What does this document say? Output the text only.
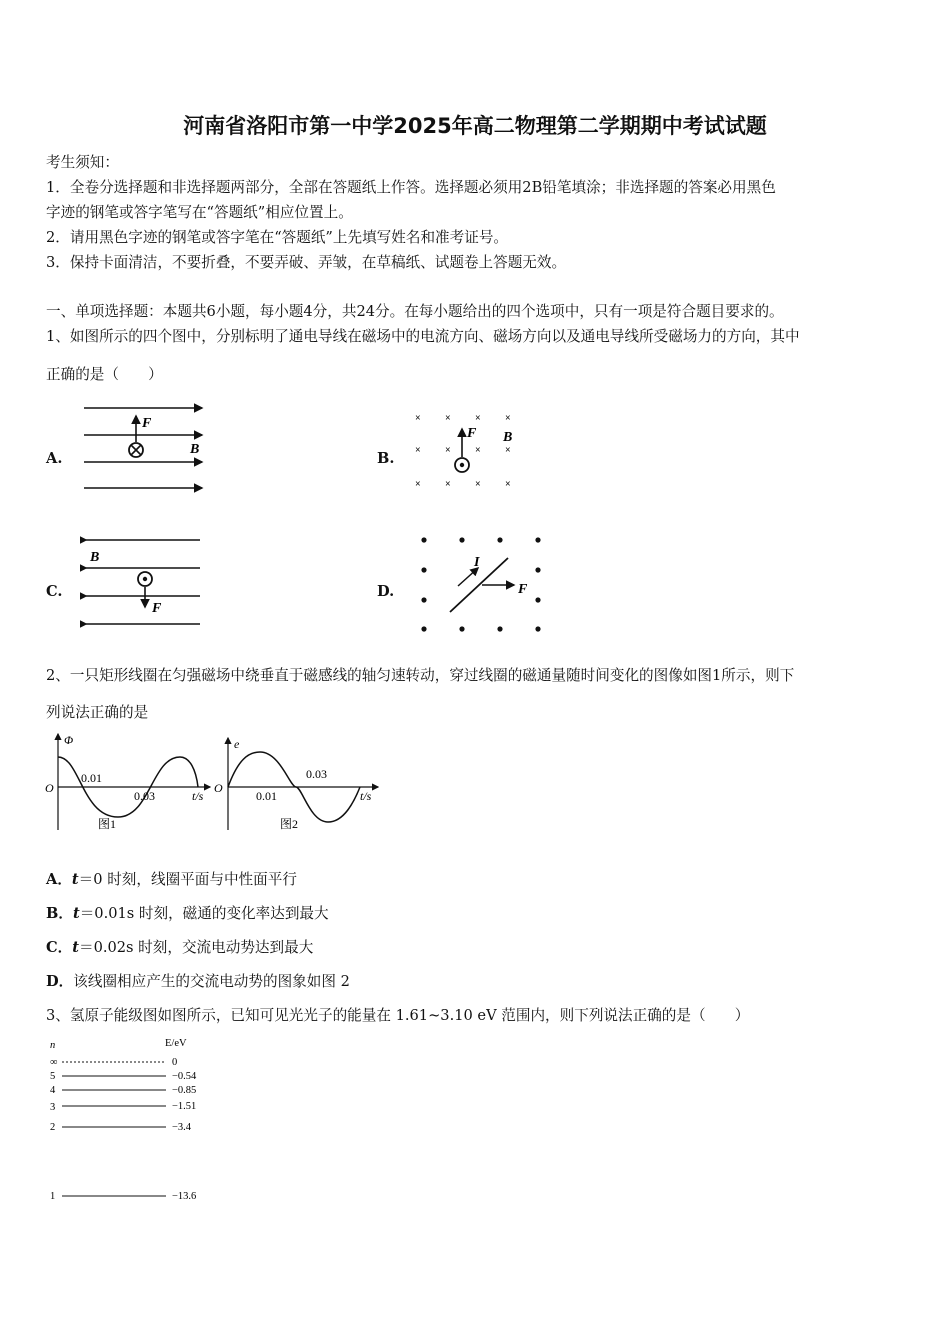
河南省洛阳市第一中学2025年高二物理第二学期期中考试试题
考生须知：
1．全卷分选择题和非选择题两部分，全部在答题纸上作答。选择题必须用2B铅笔填涂；非选择题的答案必用黑色
字迹的钢笔或答字笔写在“答题纸”相应位置上。
2．请用黑色字迹的钢笔或答字笔在“答题纸”上先填写姓名和准考证号。
3．保持卡面清洁，不要折叠，不要弄破、弄皱，在草稿纸、试题卷上答题无效。
一、单项选择题：本题共6小题，每小题4分，共24分。在每小题给出的四个选项中，只有一项是符合题目要求的。
1、如图所示的四个图中，分别标明了通电导线在磁场中的电流方向、磁场方向以及通电导线所受磁场力的方向，其中
正确的是（　　）
A.	B.
C.	D.
F
B
× × × ×
× × × ×
× × × ×
F B
B
F
I
F
2、一只矩形线圈在匀强磁场中绕垂直于磁感线的轴匀速转动，穿过线圈的磁通量随时间变化的图像如图1所示，则下
列说法正确的是
Φ
O
0.01
0.03	t/s
图1
e
O
0.01
0.03
t/s
图2
A．t＝0 时刻，线圈平面与中性面平行
B．t＝0.01s 时刻，磁通的变化率达到最大
C．t＝0.02s 时刻，交流电动势达到最大
D．该线圈相应产生的交流电动势的图象如图 2
3、氢原子能级图如图所示，已知可见光光子的能量在 1.61~3.10 eV 范围内，则下列说法正确的是（　　）
n	E/eV
∞	0
5	−0.54
4	−0.85
3	−1.51
2	−3.4
1	−13.6
